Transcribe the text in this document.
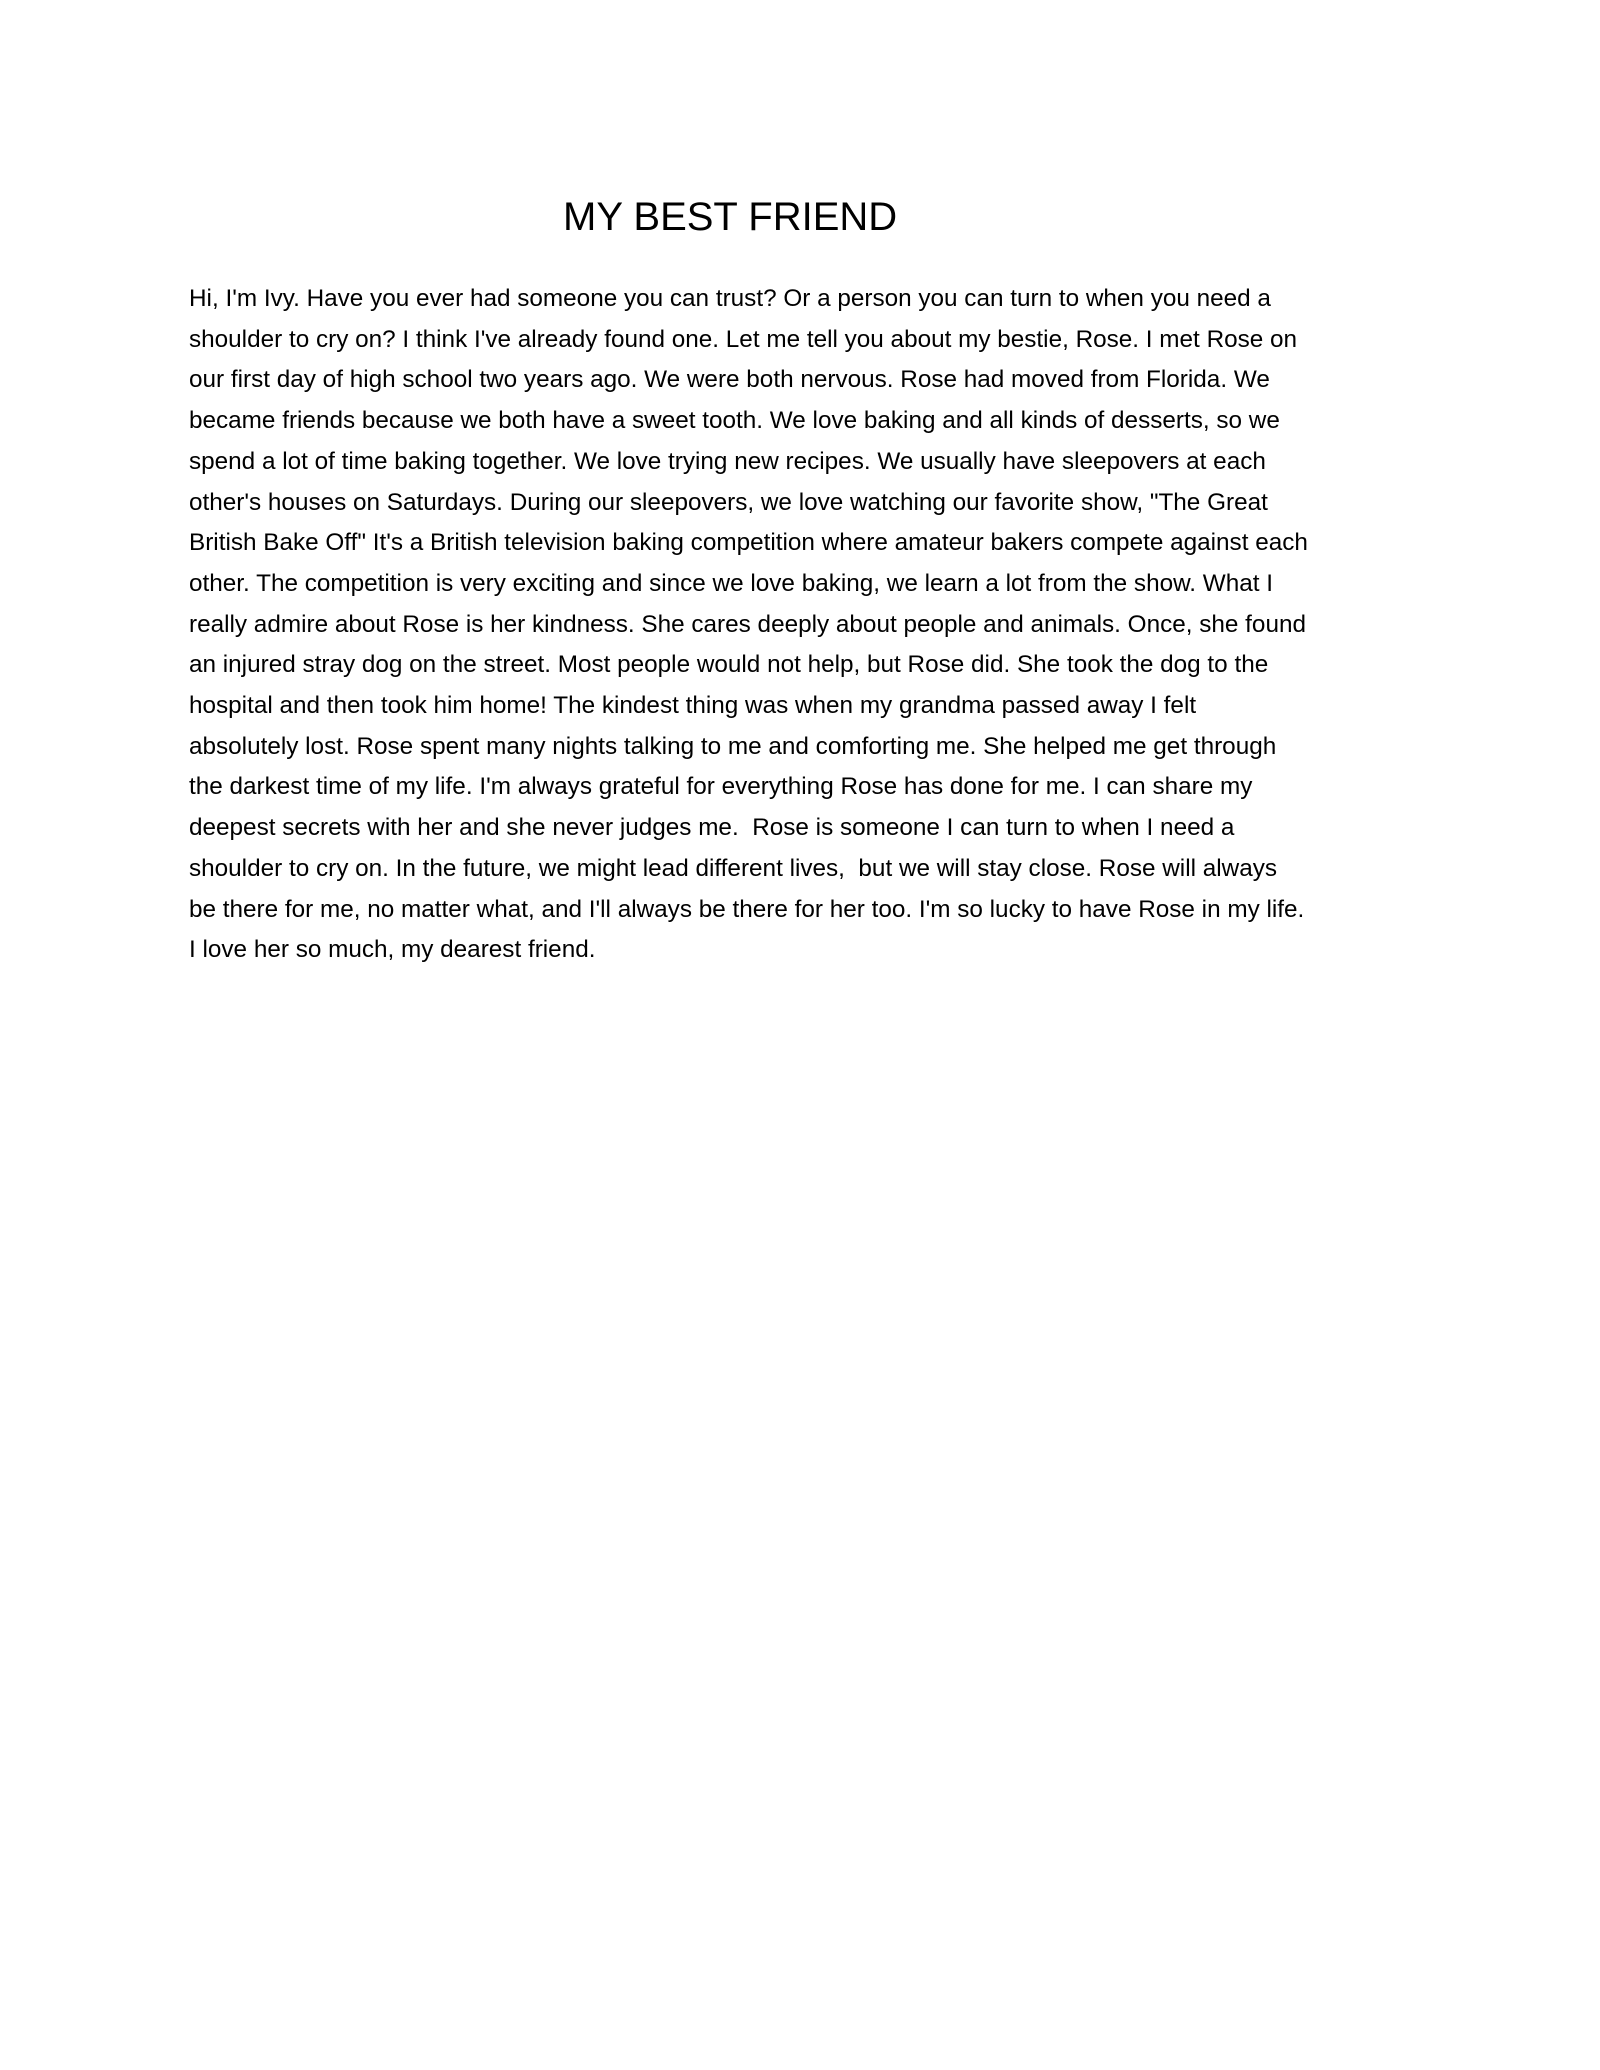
MY BEST FRIEND
Hi, I'm Ivy. Have you ever had someone you can trust? Or a person you can turn to when you need a
shoulder to cry on? I think I've already found one. Let me tell you about my bestie, Rose. I met Rose on
our first day of high school two years ago. We were both nervous. Rose had moved from Florida. We
became friends because we both have a sweet tooth. We love baking and all kinds of desserts, so we
spend a lot of time baking together. We love trying new recipes. We usually have sleepovers at each
other's houses on Saturdays. During our sleepovers, we love watching our favorite show, "The Great
British Bake Off" It's a British television baking competition where amateur bakers compete against each
other. The competition is very exciting and since we love baking, we learn a lot from the show. What I
really admire about Rose is her kindness. She cares deeply about people and animals. Once, she found
an injured stray dog on the street. Most people would not help, but Rose did. She took the dog to the
hospital and then took him home! The kindest thing was when my grandma passed away I felt
absolutely lost. Rose spent many nights talking to me and comforting me. She helped me get through
the darkest time of my life. I'm always grateful for everything Rose has done for me. I can share my
deepest secrets with her and she never judges me.  Rose is someone I can turn to when I need a
shoulder to cry on. In the future, we might lead different lives,  but we will stay close. Rose will always
be there for me, no matter what, and I'll always be there for her too. I'm so lucky to have Rose in my life.
I love her so much, my dearest friend.
